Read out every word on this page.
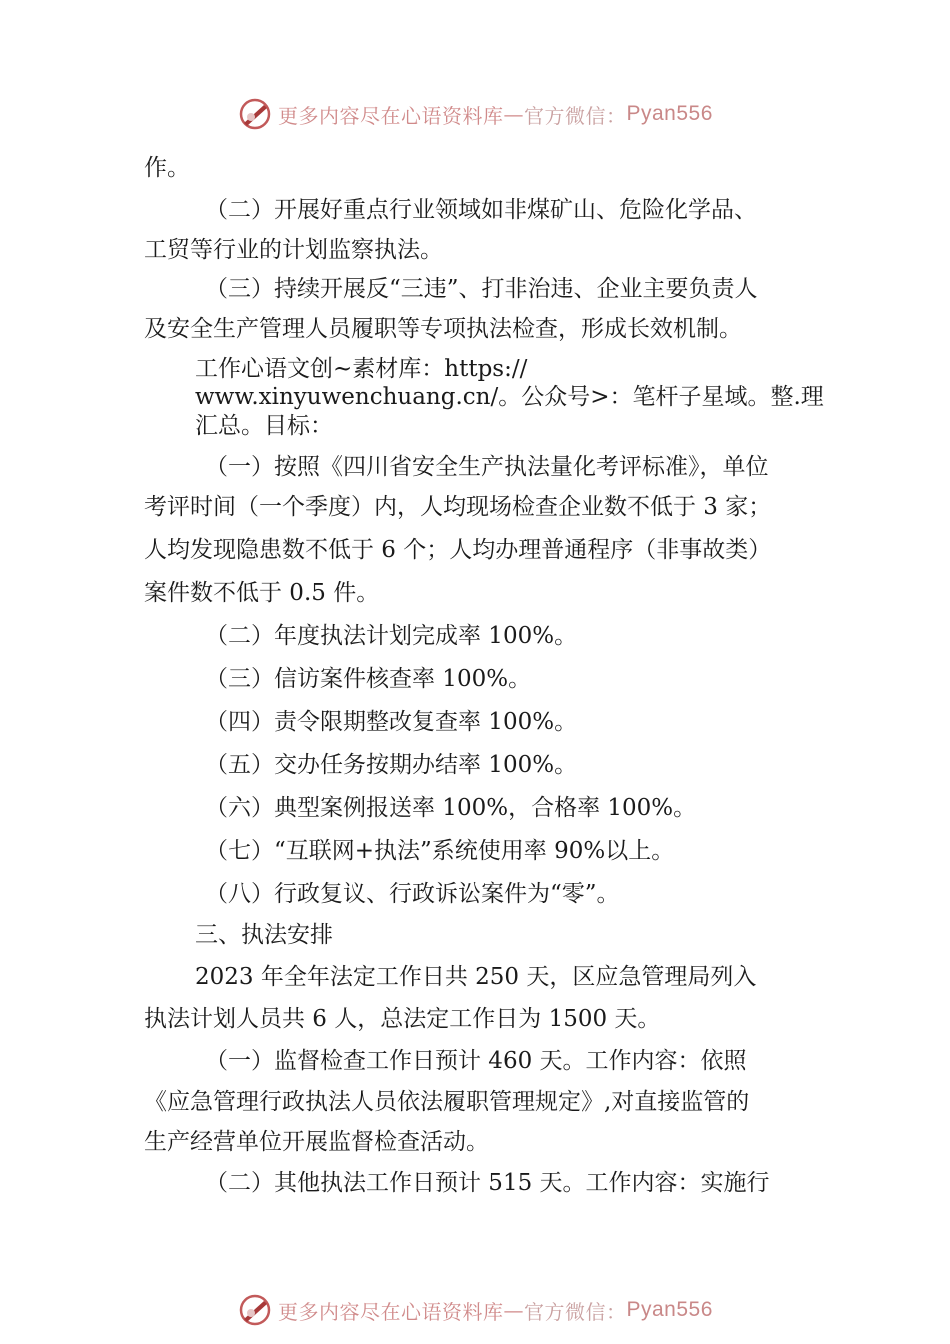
更多内容尽在心语资料库 — 官方微信： Pyan556
作。
（二）开展好重点行业领域如非煤矿山、危险化学品、
工贸等行业的计划监察执法。
（三）持续开展反“三违”、打非治违、企业主要负责人
及安全生产管理人员履职等专项执法检查，形成长效机制。
工作心语文创~素材库：https://
www.xinyuwenchuang.cn/。公众号>：笔杆子星域。整.理
汇总。目标：
（一）按照《四川省安全生产执法量化考评标准》，单位
考评时间（一个季度）内，人均现场检查企业数不低于 3 家；
人均发现隐患数不低于 6 个；人均办理普通程序（非事故类）
案件数不低于 0.5 件。
（二）年度执法计划完成率 100%。
（三）信访案件核查率 100%。
（四）责令限期整改复查率 100%。
（五）交办任务按期办结率 100%。
（六）典型案例报送率 100%，合格率 100%。
（七）“互联网+执法”系统使用率 90%以上。
（八）行政复议、行政诉讼案件为“零”。
三、执法安排
2023 年全年法定工作日共 250 天，区应急管理局列入
执法计划人员共 6 人，总法定工作日为 1500 天。
（一）监督检查工作日预计 460 天。工作内容：依照
《应急管理行政执法人员依法履职管理规定》,对直接监管的
生产经营单位开展监督检查活动。
（二）其他执法工作日预计 515 天。工作内容：实施行
更多内容尽在心语资料库 — 官方微信： Pyan556
